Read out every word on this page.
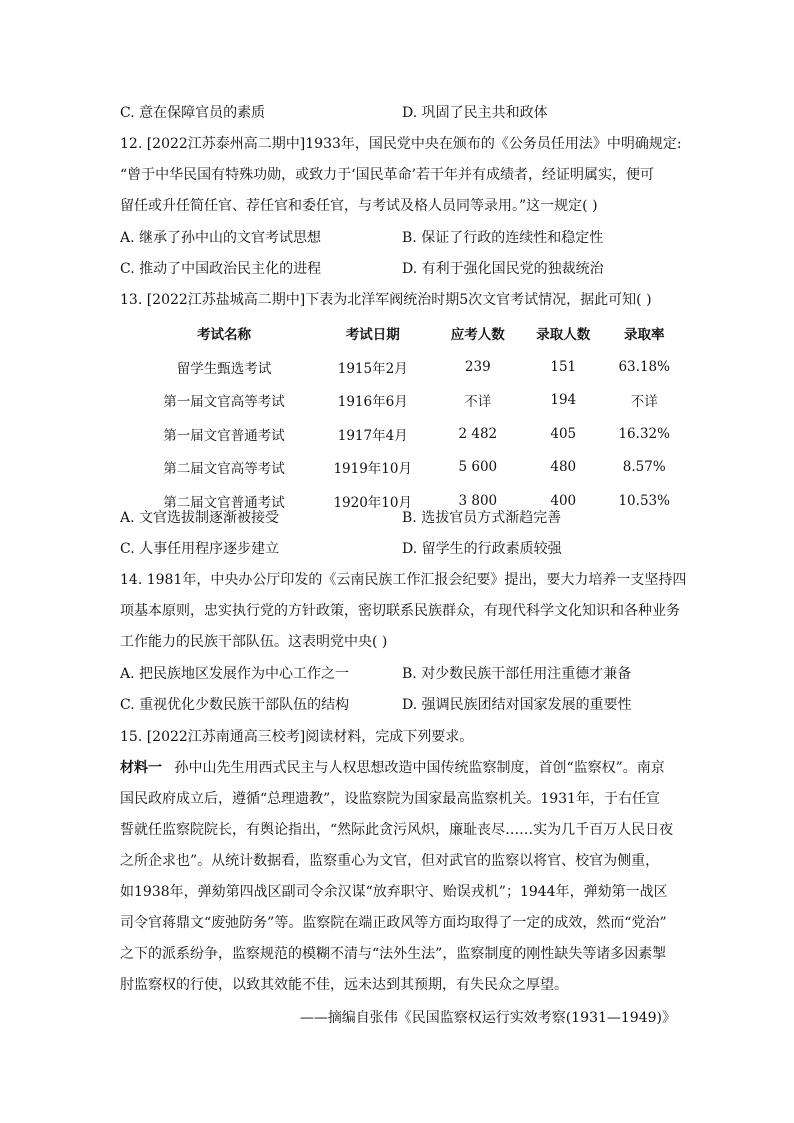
C. 意在保障官员的素质	D. 巩固了民主共和政体
12. [2022江苏泰州高二期中]1933年，国民党中央在颁布的《公务员任用法》中明确规定:
“曾于中华民国有特殊功勋，或致力于‘国民革命’若干年并有成绩者，经证明属实，便可
留任或升任简任官、荐任官和委任官，与考试及格人员同等录用。”这一规定( )
A. 继承了孙中山的文官考试思想	B. 保证了行政的连续性和稳定性
C. 推动了中国政治民主化的进程	D. 有利于强化国民党的独裁统治
13. [2022江苏盐城高二期中]下表为北洋军阀统治时期5次文官考试情况，据此可知( )
考试名称	考试日期	应考人数	录取人数	录取率
留学生甄选考试	1915年2月	239	151	63.18%
第一届文官高等考试	1916年6月	不详	194	不详
第一届文官普通考试	1917年4月	2 482	405	16.32%
第二届文官高等考试	1919年10月	5 600	480	8.57%
第二届文官普通考试	1920年10月	3 800	400	10.53%
A. 文官选拔制逐渐被接受	B. 选拔官员方式渐趋完善
C. 人事任用程序逐步建立	D. 留学生的行政素质较强
14. 1981年，中央办公厅印发的《云南民族工作汇报会纪要》提出，要大力培养一支坚持四
项基本原则，忠实执行党的方针政策，密切联系民族群众，有现代科学文化知识和各种业务
工作能力的民族干部队伍。这表明党中央( )
A. 把民族地区发展作为中心工作之一	B. 对少数民族干部任用注重德才兼备
C. 重视优化少数民族干部队伍的结构	D. 强调民族团结对国家发展的重要性
15. [2022江苏南通高三校考]阅读材料，完成下列要求。
材料一 孙中山先生用西式民主与人权思想改造中国传统监察制度，首创“监察权”。南京
国民政府成立后，遵循“总理遗教”，设监察院为国家最高监察机关。1931年，于右任宣
誓就任监察院院长，有舆论指出，“然际此贪污风炽，廉耻丧尽……实为几千百万人民日夜
之所企求也”。从统计数据看，监察重心为文官，但对武官的监察以将官、校官为侧重，
如1938年，弹劾第四战区副司令余汉谋“放弃职守、贻误戎机”；1944年，弹劾第一战区
司令官蒋鼎文“废弛防务”等。监察院在端正政风等方面均取得了一定的成效，然而“党治”
之下的派系纷争，监察规范的模糊不清与“法外生法”，监察制度的刚性缺失等诸多因素掣
肘监察权的行使，以致其效能不佳，远未达到其预期，有失民众之厚望。
——摘编自张伟《民国监察权运行实效考察(1931—1949)》
